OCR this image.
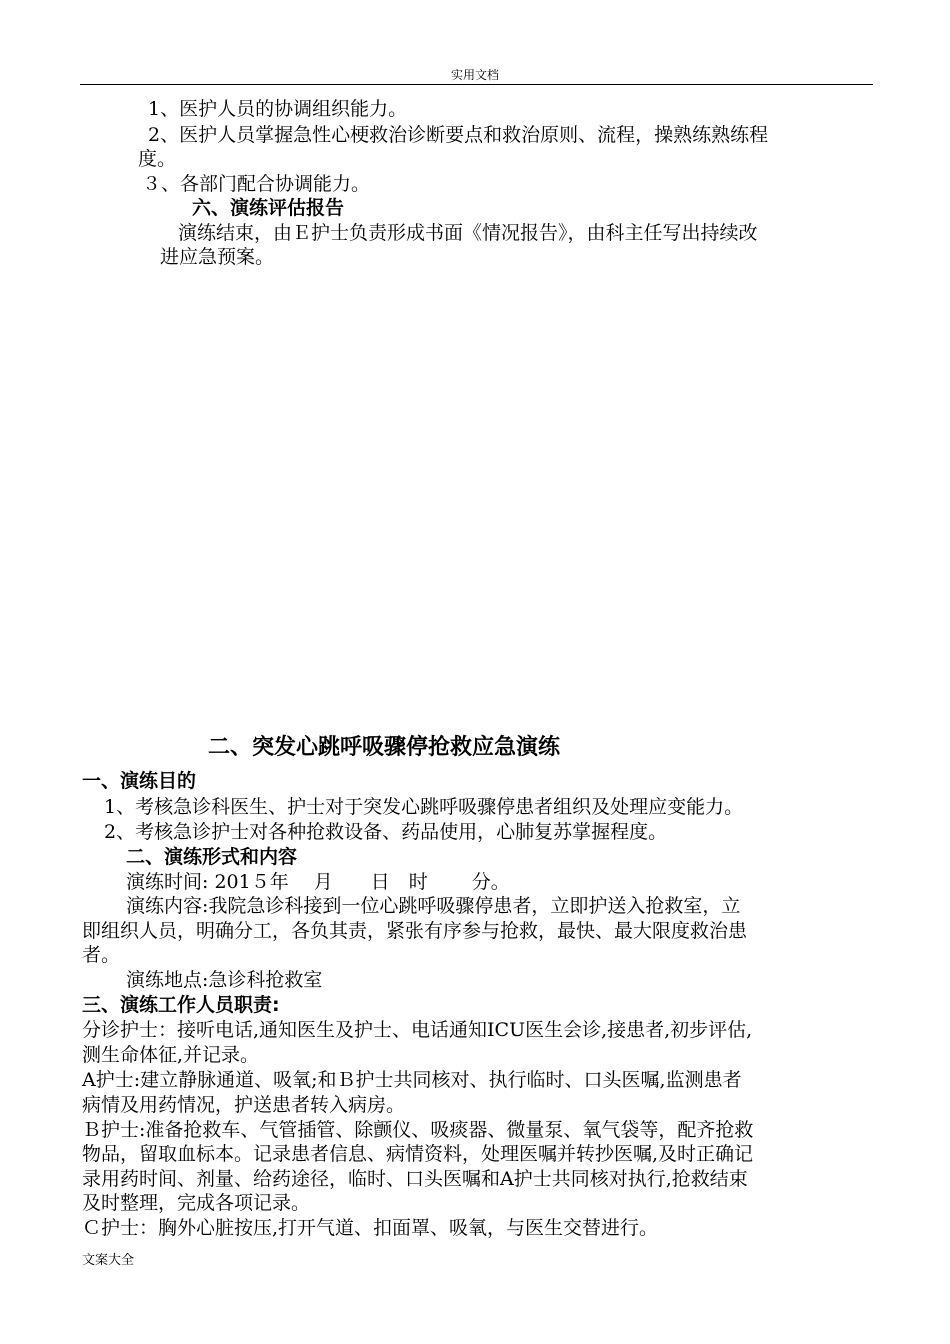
实用文档
1、医护人员的协调组织能力。
2、医护人员掌握急性心梗救治诊断要点和救治原则、流程，操熟练熟练程
度。
３、各部门配合协调能力。
六、演练评估报告
演练结束，由Ｅ护士负责形成书面《情况报告》，由科主任写出持续改
进应急预案。
二、突发心跳呼吸骤停抢救应急演练
一、演练目的
1、考核急诊科医生、护士对于突发心跳呼吸骤停患者组织及处理应变能力。
2、考核急诊护士对各种抢救设备、药品使用，心肺复苏掌握程度。
二、演练形式和内容
演练时间: 201５年　 月　　日　时　　 分。
演练内容:我院急诊科接到一位心跳呼吸骤停患者，立即护送入抢救室，立
即组织人员，明确分工，各负其责，紧张有序参与抢救，最快、最大限度救治患
者。
演练地点:急诊科抢救室
三、演练工作人员职责:
分诊护士：接听电话,通知医生及护士、电话通知ICU医生会诊,接患者,初步评估,
测生命体征,并记录。
A护士:建立静脉通道、吸氧;和Ｂ护士共同核对、执行临时、口头医嘱,监测患者
病情及用药情况，护送患者转入病房。
Ｂ护士:准备抢救车、气管插管、除颤仪、吸痰器、微量泵、氧气袋等，配齐抢救
物品，留取血标本。记录患者信息、病情资料，处理医嘱并转抄医嘱,及时正确记
录用药时间、剂量、给药途径，临时、口头医嘱和A护士共同核对执行,抢救结束
及时整理，完成各项记录。
Ｃ护士：胸外心脏按压,打开气道、扣面罩、吸氧，与医生交替进行。
文案大全
